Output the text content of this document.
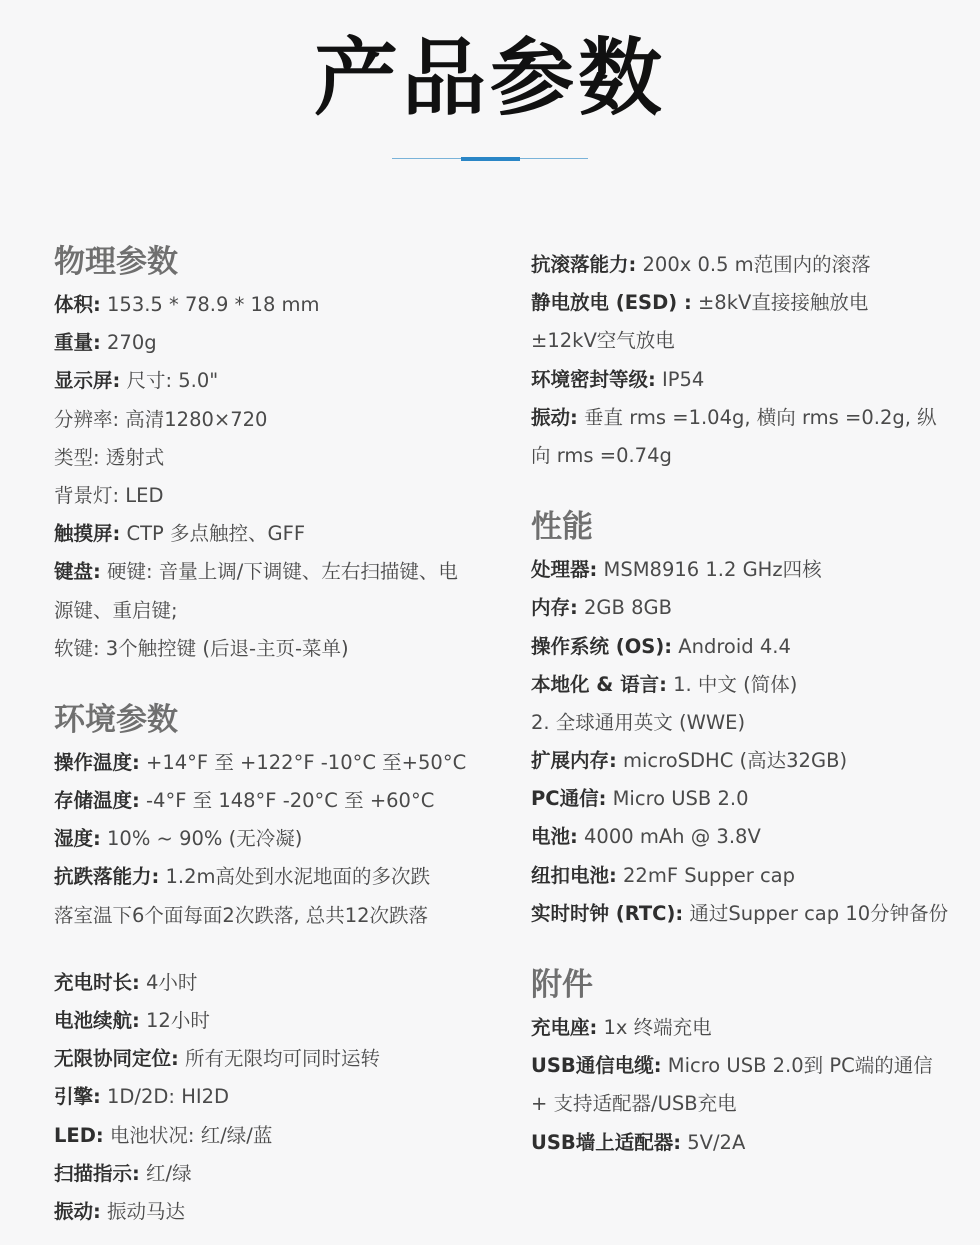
产品参数
物理参数
体积: 153.5 * 78.9 * 18 mm
重量: 270g
显示屏: 尺寸: 5.0"
分辨率: 高清1280×720
类型: 透射式
背景灯: LED
触摸屏: CTP 多点触控、GFF
键盘: 硬键: 音量上调/下调键、左右扫描键、电
源键、重启键;
软键: 3个触控键 (后退-主页-菜单)
环境参数
操作温度: +14°F 至 +122°F -10°C 至+50°C
存储温度: -4°F 至 148°F -20°C 至 +60°C
湿度: 10% ~ 90% (无冷凝)
抗跌落能力: 1.2m高处到水泥地面的多次跌
落室温下6个面每面2次跌落, 总共12次跌落
充电时长: 4小时
电池续航: 12小时
无限协同定位: 所有无限均可同时运转
引擎: 1D/2D: HI2D
LED: 电池状况: 红/绿/蓝
扫描指示: 红/绿
振动: 振动马达
抗滚落能力: 200x 0.5 m范围内的滚落
静电放电 (ESD) : ±8kV直接接触放电
±12kV空气放电
环境密封等级: IP54
振动: 垂直 rms =1.04g, 横向 rms =0.2g, 纵
向 rms =0.74g
性能
处理器: MSM8916 1.2 GHz四核
内存: 2GB 8GB
操作系统 (OS): Android 4.4
本地化 & 语言: 1. 中文 (简体)
2. 全球通用英文 (WWE)
扩展内存: microSDHC (高达32GB)
PC通信: Micro USB 2.0
电池: 4000 mAh @ 3.8V
纽扣电池: 22mF Supper cap
实时时钟 (RTC): 通过Supper cap 10分钟备份
附件
充电座: 1x 终端充电
USB通信电缆: Micro USB 2.0到 PC端的通信
+ 支持适配器/USB充电
USB墙上适配器: 5V/2A
